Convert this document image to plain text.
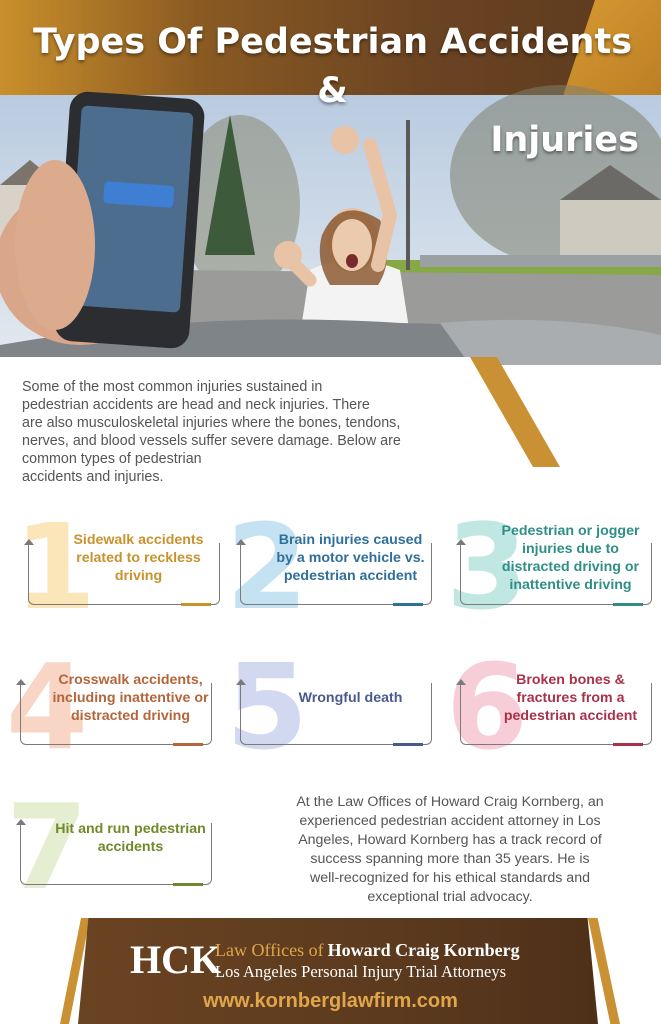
Some of the most common injuries sustained in
pedestrian accidents are head and neck injuries. There
are also musculoskeletal injuries where the bones, tendons,
nerves, and blood vessels suffer severe damage. Below are
common types of pedestrian
accidents and injuries.
1
Sidewalk accidents related to reckless driving 2
Brain injuries caused by a motor vehicle vs. pedestrian accident 3
Pedestrian or jogger injuries due to distracted driving or inattentive driving
4
Crosswalk accidents, including inattentive or distracted driving 5
Wrongful death 6
Broken bones & fractures from a pedestrian accident
7
Hit and run pedestrian accidents
At the Law Offices of Howard Craig Kornberg, an
experienced pedestrian accident attorney in Los
Angeles, Howard Kornberg has a track record of
success spanning more than 35 years. He is
well-recognized for his ethical standards and
exceptional trial advocacy.
HCK
Law Offices of Howard Craig Kornberg
Los Angeles Personal Injury Trial Attorneys
www.kornberglawfirm.com
Types Of Pedestrian Accidents &
Injuries
